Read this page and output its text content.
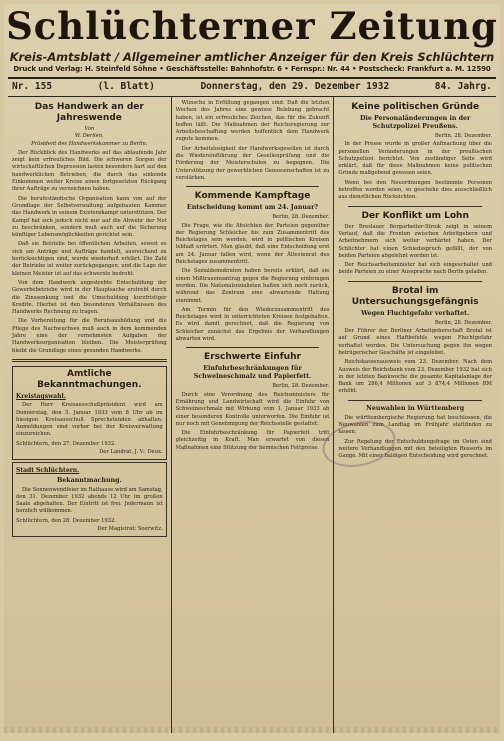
Schlüchterner Zeitung
Kreis-Amtsblatt / Allgemeiner amtlicher Anzeiger für den Kreis Schlüchtern
Druck und Verlag: H. Steinfeld Söhne • Geschäftsstelle: Bahnhofstr. 6 • Fernspr.: Nr. 44 • Postscheck: Frankfurt a. M. 12590
Nr. 155	(l. Blatt)	Donnerstag, den 29. Dezember 1932	84. Jahrg.
Das Handwerk an der Jahreswende
Von
W. Derlien,
Präsident des Handwerkskammer zu Berlin.

Der Rückblick des Handwerks auf das ablaufende Jahr zeigt kein erfreuliches Bild. Die schweren Sorgen der wirtschaftlichen Depression lasten besonders hart auf den handwerklichen Betrieben, die durch das sinkende Einkommen weiter Kreise einen fortgesetzten Rückgang ihrer Aufträge zu verzeichnen haben.

Die berufsständische Organisation kann von auf der Grundlage der Selbstverwaltung aufgebauten Kammer das Handwerk in seinem Existenzkampf unterstützen. Der Kampf hat sich jedoch nicht nur auf die Abwehr der Not zu beschränken, sondern muß auch auf die Sicherung künftiger Lebensmöglichkeiten gerichtet sein.

Daß sie Betriebe bei öffentlichen Arbeiten, soweit es sich um Anträge und Aufträge handelt, ausreichend zu berücksichtigen sind, wurde wiederholt erklärt. Die Zahl der Betriebe ist weiter zurückgegangen, und die Lage der kleinen Meister ist auf das schwerste bedroht.

Von dem Handwerk angestrebte Entschuldung der Gewerbebetriebe wird in der Hauptsache erstrebt durch die Zinssenkung und die Umschuldung kurzfristiger Kredite. Hierbei ist den besonderen Verhältnissen des Handwerks Rechnung zu tragen.

Die Vorbereitung für die Berufsausbildung und die Pflege des Nachwuchses muß auch in dem kommenden Jahre eine der vornehmsten Aufgaben der Handwerksorganisation bleiben. Die Meisterprüfung bleibt die Grundlage eines gesunden Handwerks.

Amtliche Bekanntmachungen.
Kreistagswahl.

Der Herr Kreisausschußpräsident wird am Donnerstag, den 5. Januar 1933 vom 8 Uhr ab im hiesigen Kreisausschuß Sprechstunden abhalten. Anmeldungen sind vorher bei der Kreisverwaltung einzureichen.

Schlüchtern, den 27. Dezember 1932.
Der Landrat. J. V.: Deux.
Stadt Schlüchtern.
Bekanntmachung.

Die Sonnenwendfeier im Rathause wird am Samstag, den 31. Dezember 1932 abends 12 Uhr im großen Saale abgehalten. Der Eintritt ist frei. Jedermann ist herzlich willkommen.

Schlüchtern, den 28. Dezember 1932.
Der Magistrat: Soerwitz.

Wünsche in Erfüllung gegangen sind. Daß die letzten Wochen des Jahres eine gewisse Belebung gebracht haben, ist ein erfreuliches Zeichen, das für die Zukunft hoffen läßt. Die Maßnahmen der Reichsregierung zur Arbeitsbeschaffung werden hoffentlich dem Handwerk zugute kommen.

Der Arbeitslosigkeit der Handwerksgesellen ist durch die Wiedereinführung der Gesellenprüfung und die Förderung der Meisterschulen zu begegnen. Die Unterstützung der gewerblichen Genossenschaften ist zu verstärken.

Kommende Kampftage
Entscheidung kommt am 24. Januar?
Berlin, 28. Dezember.

Die Frage, wie die Absichten der Parteien gegenüber der Regierung Schleicher bis zum Zusammentritt des Reichstages sein werden, wird in politischen Kreisen lebhaft erörtert. Man glaubt, daß eine Entscheidung erst am 24. Januar fallen wird, wenn der Ältestenrat des Reichstages zusammentritt.

Die Sozialdemokraten haben bereits erklärt, daß sie einen Mißtrauensantrag gegen die Regierung einbringen werden. Die Nationalsozialisten halten sich noch zurück, während das Zentrum eine abwartende Haltung einnimmt.

Am Termin für den Wiederzusammentritt des Reichstages wird in unterrichteten Kreisen festgehalten. Es wird damit gerechnet, daß die Regierung von Schleicher zunächst das Ergebnis der Verhandlungen abwarten wird.

Erschwerte Einfuhr
Einfuhrbeschränkungen für Schweineschmalz und Papierfett.
Berlin, 28. Dezember.

Durch eine Verordnung des Reichsministers für Ernährung und Landwirtschaft wird die Einfuhr von Schweineschmalz mit Wirkung vom 1. Januar 1933 ab einer besonderen Kontrolle unterworfen. Die Einfuhr ist nur noch mit Genehmigung der Reichsstelle gestattet.

Die Einfuhrbeschränkung für Papierfett tritt gleichzeitig in Kraft. Man erwartet von diesen Maßnahmen eine Stützung der heimischen Fettpreise.

Keine politischen Gründe
Die Personaländerungen in der Schutzpolizei Preußens.
Berlin, 28. Dezember.

In der Presse wurde in großer Aufmachung über die personellen Veränderungen in der preußischen Schutzpolizei berichtet. Von zuständiger Seite wird erklärt, daß für diese Maßnahmen keine politischen Gründe maßgebend gewesen seien.

Wenn bei den Neuordnungen bestimmte Personen betroffen worden seien, so geschehe dies ausschließlich aus dienstlichen Rücksichten.

Der Konflikt um Lohn

Der Breslauer Bergarbeiter-Streik zeigt in seinem Verlauf, daß die Fronten zwischen Arbeitgebern und Arbeitnehmern sich weiter verhärtet haben. Der Schlichter hat einen Schiedsspruch gefällt, der von beiden Parteien abgelehnt worden ist.

Der Reichsarbeitsminister hat sich eingeschaltet und beide Parteien zu einer Aussprache nach Berlin geladen.

Brotal im Untersuchungsgefängnis
Wegen Fluchtgefahr verhaftet.
Berlin, 28. Dezember.

Der Führer der Berliner Arbeitgeberschaft Brotal ist auf Grund eines Haftbefehls wegen Fluchtgefahr verhaftet worden. Die Untersuchung gegen ihn wegen betrügerischer Geschäfte ist eingeleitet.

Reichskassenausweis vom 23. Dezember. Nach dem Ausweis der Reichsbank vom 23. Dezember 1932 hat sich in der letzten Bankwoche die gesamte Kapitalanlage der Bank um 286,4 Millionen auf 3 874,4 Millionen RM erhöht.

Neuwahlen in Württemberg

Die württembergische Regierung hat beschlossen, die Neuwahlen zum Landtag im Frühjahr stattfinden zu lassen.

Zur Regelung der Entschuldungsfrage im Osten sind weitere Verhandlungen mit den beteiligten Ressorts im Gange. Mit einer baldigen Entscheidung wird gerechnet.
